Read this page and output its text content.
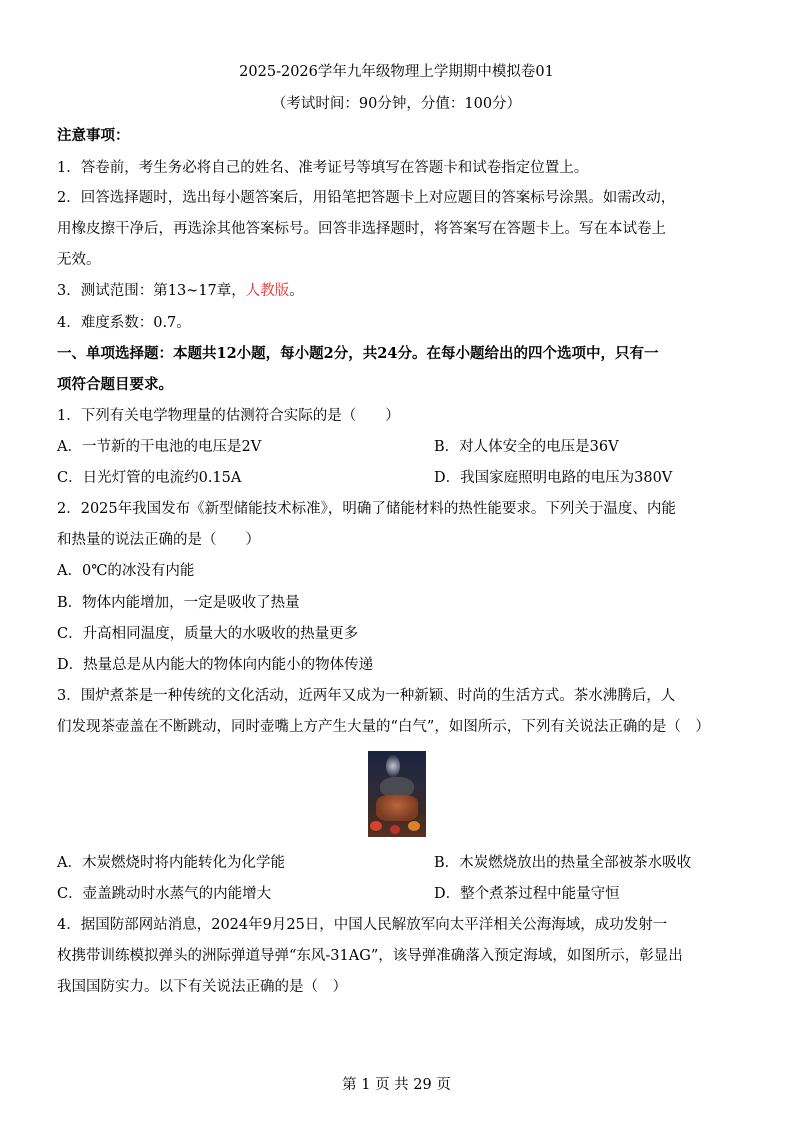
2025-2026学年九年级物理上学期期中模拟卷01
（考试时间：90分钟，分值：100分）
注意事项：
1．答卷前，考生务必将自己的姓名、准考证号等填写在答题卡和试卷指定位置上。
2．回答选择题时，选出每小题答案后，用铅笔把答题卡上对应题目的答案标号涂黑。如需改动，
用橡皮擦干净后，再选涂其他答案标号。回答非选择题时，将答案写在答题卡上。写在本试卷上
无效。
3．测试范围：第13~17章，人教版。
4．难度系数：0.7。
一、单项选择题：本题共12小题，每小题2分，共24分。在每小题给出的四个选项中，只有一
项符合题目要求。
1．下列有关电学物理量的估测符合实际的是（　　）
A．一节新的干电池的电压是2V	B．对人体安全的电压是36V
C．日光灯管的电流约0.15A	D．我国家庭照明电路的电压为380V
2．2025年我国发布《新型储能技术标准》，明确了储能材料的热性能要求。下列关于温度、内能
和热量的说法正确的是（　　）
A．0℃的冰没有内能
B．物体内能增加，一定是吸收了热量
C．升高相同温度，质量大的水吸收的热量更多
D．热量总是从内能大的物体向内能小的物体传递
3．围炉煮茶是一种传统的文化活动，近两年又成为一种新颖、时尚的生活方式。茶水沸腾后，人
们发现茶壶盖在不断跳动，同时壶嘴上方产生大量的“白气”，如图所示，下列有关说法正确的是（　）
A．木炭燃烧时将内能转化为化学能	B．木炭燃烧放出的热量全部被茶水吸收
C．壶盖跳动时水蒸气的内能增大	D．整个煮茶过程中能量守恒
4．据国防部网站消息，2024年9月25日，中国人民解放军向太平洋相关公海海域，成功发射一
枚携带训练模拟弹头的洲际弹道导弹“东风-31AG”，该导弹准确落入预定海域，如图所示，彰显出
我国国防实力。以下有关说法正确的是（　）
第 1 页 共 29 页
